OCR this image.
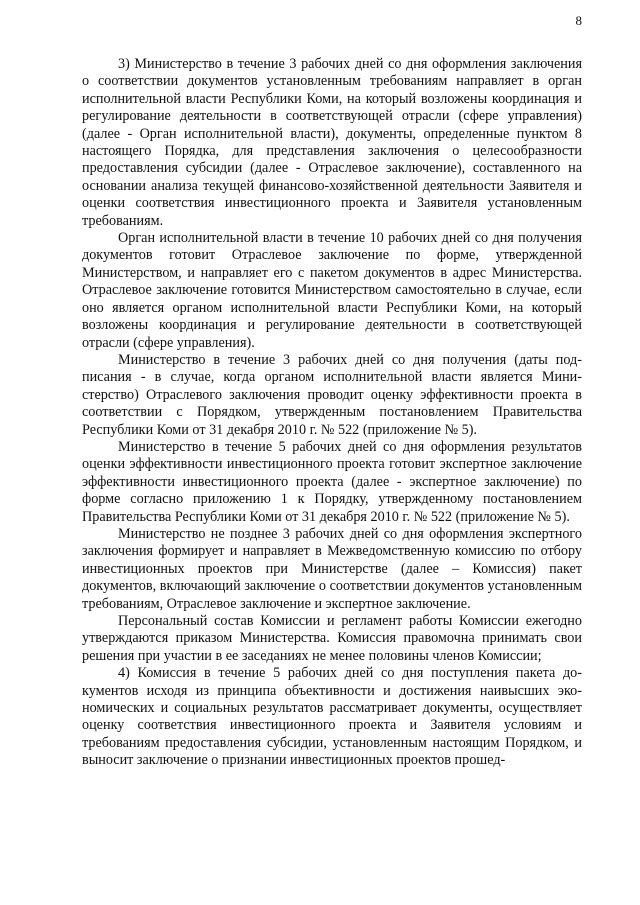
8

3) Министерство в течение 3 рабочих дней со дня оформления заключения о соответствии документов установленным требованиям направляет в орган исполнительной власти Республики Коми, на который возложены координация и регулирование деятельности в соответствующей отрасли (сфере управления) (далее - Орган исполнительной власти), документы, определенные пунктом 8 настоящего Порядка, для представления заключения о целесообразности предоставления субсидии (далее - Отраслевое заключение), составленного на основании анализа текущей финансово-хозяйственной деятельности Заявителя и оценки соответствия инвестиционного проекта и Заявителя установленным требованиям.

Орган исполнительной власти в течение 10 рабочих дней со дня получения документов готовит Отраслевое заключение по форме, утвержденной Министерством, и направляет его с пакетом документов в адрес Министерства. Отраслевое заключение готовится Министерством самостоятельно в случае, если оно является органом исполнительной власти Республики Коми, на который возложены координация и регулирование деятельности в соответствующей отрасли (сфере управления).

Министерство в течение 3 рабочих дней со дня получения (даты подписания - в случае, когда органом исполнительной власти является Министерство) Отраслевого заключения проводит оценку эффективности проекта в соответствии с Порядком, утвержденным постановлением Правительства Республики Коми от 31 декабря 2010 г. № 522 (приложение № 5).

Министерство в течение 5 рабочих дней со дня оформления результатов оценки эффективности инвестиционного проекта готовит экспертное заключение эффективности инвестиционного проекта (далее - экспертное заключение) по форме согласно приложению 1 к Порядку, утвержденному постановлением Правительства Республики Коми от 31 декабря 2010 г. № 522 (приложение № 5).

Министерство не позднее 3 рабочих дней со дня оформления экспертного заключения формирует и направляет в Межведомственную комиссию по отбору инвестиционных проектов при Министерстве (далее – Комиссия) пакет документов, включающий заключение о соответствии документов установленным требованиям, Отраслевое заключение и экспертное заключение.

Персональный состав Комиссии и регламент работы Комиссии ежегодно утверждаются приказом Министерства. Комиссия правомочна принимать свои решения при участии в ее заседаниях не менее половины членов Комиссии;

4) Комиссия в течение 5 рабочих дней со дня поступления пакета документов исходя из принципа объективности и достижения наивысших экономических и социальных результатов рассматривает документы, осуществляет оценку соответствия инвестиционного проекта и Заявителя условиям и требованиям предоставления субсидии, установленным настоящим Порядком, и выносит заключение о признании инвестиционных проектов прошед-
